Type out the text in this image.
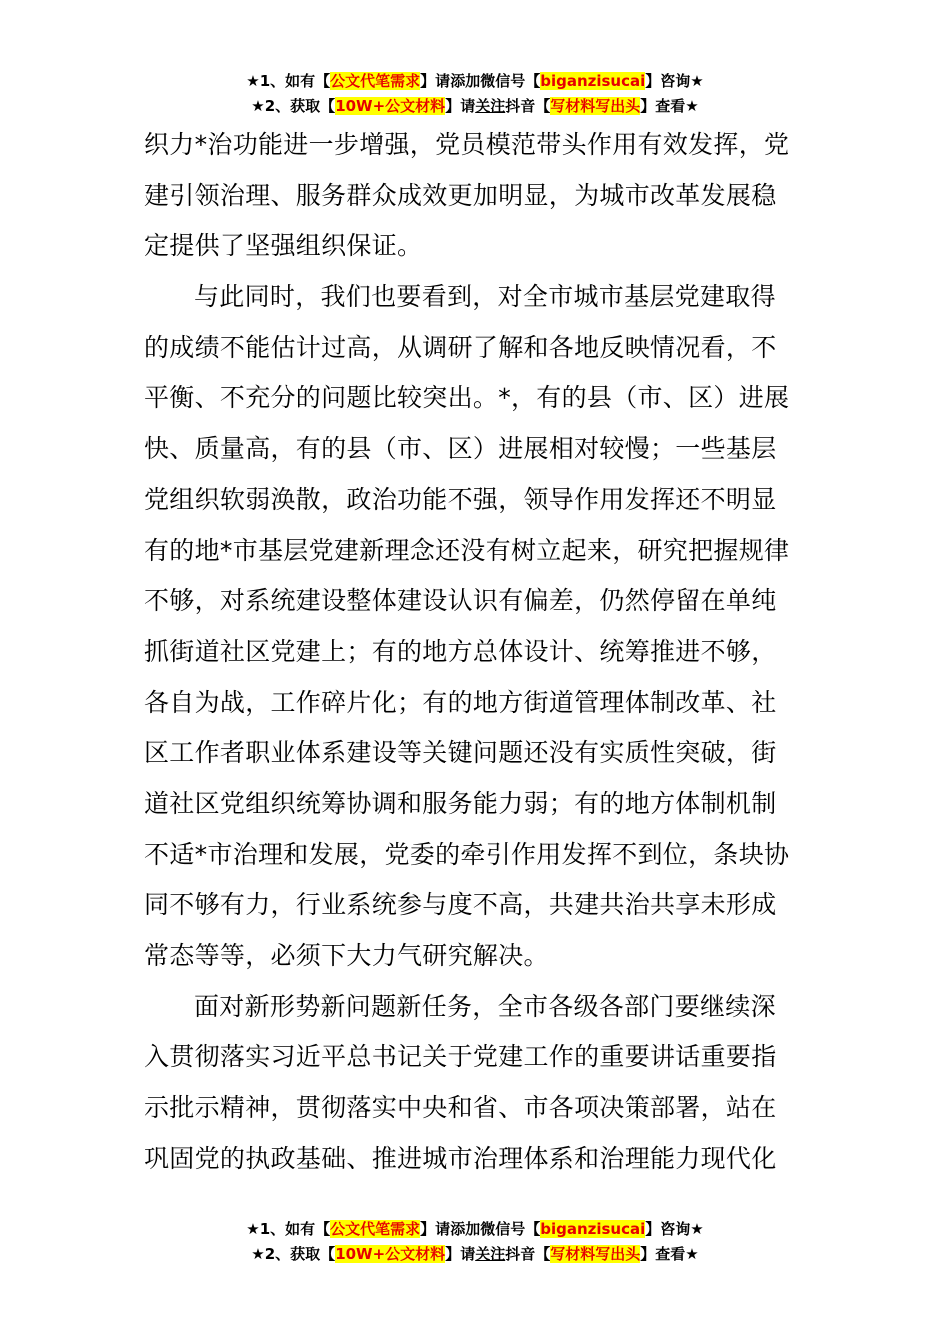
★1、如有【公文代笔需求】请添加微信号【biganzisucai】咨询★
★2、获取【10W+公文材料】请关注抖音【写材料写出头】查看★
织力*治功能进一步增强，党员模范带头作用有效发挥，党
建引领治理、服务群众成效更加明显，为城市改革发展稳
定提供了坚强组织保证。
与此同时，我们也要看到，对全市城市基层党建取得
的成绩不能估计过高，从调研了解和各地反映情况看，不
平衡、不充分的问题比较突出。*，有的县（市、区）进展
快、质量高，有的县（市、区）进展相对较慢；一些基层
党组织软弱涣散，政治功能不强，领导作用发挥还不明显
有的地*市基层党建新理念还没有树立起来，研究把握规律
不够，对系统建设整体建设认识有偏差，仍然停留在单纯
抓街道社区党建上；有的地方总体设计、统筹推进不够，
各自为战，工作碎片化；有的地方街道管理体制改革、社
区工作者职业体系建设等关键问题还没有实质性突破，街
道社区党组织统筹协调和服务能力弱；有的地方体制机制
不适*市治理和发展，党委的牵引作用发挥不到位，条块协
同不够有力，行业系统参与度不高，共建共治共享未形成
常态等等，必须下大力气研究解决。
面对新形势新问题新任务，全市各级各部门要继续深
入贯彻落实习近平总书记关于党建工作的重要讲话重要指
示批示精神，贯彻落实中央和省、市各项决策部署，站在
巩固党的执政基础、推进城市治理体系和治理能力现代化
★1、如有【公文代笔需求】请添加微信号【biganzisucai】咨询★
★2、获取【10W+公文材料】请关注抖音【写材料写出头】查看★
